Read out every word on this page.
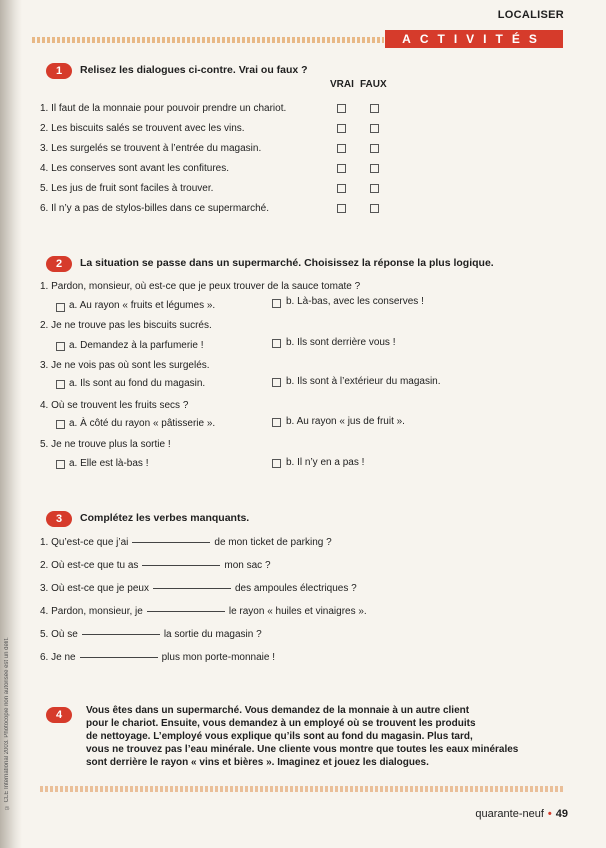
© CLE International 2003. Photocopie non autorisée est un délit.
LOCALISER
ACTIVITÉS
1	Relisez les dialogues ci-contre. Vrai ou faux ?
VRAI FAUX
1. Il faut de la monnaie pour pouvoir prendre un chariot.
2. Les biscuits salés se trouvent avec les vins.
3. Les surgelés se trouvent à l’entrée du magasin.
4. Les conserves sont avant les confitures.
5. Les jus de fruit sont faciles à trouver.
6. Il n’y a pas de stylos-billes dans ce supermarché.
2	La situation se passe dans un supermarché. Choisissez la réponse la plus logique.
1. Pardon, monsieur, où est-ce que je peux trouver de la sauce tomate ?
a. Au rayon « fruits et légumes ».	b. Là-bas, avec les conserves !
2. Je ne trouve pas les biscuits sucrés.
a. Demandez à la parfumerie !	b. Ils sont derrière vous !
3. Je ne vois pas où sont les surgelés.
a. Ils sont au fond du magasin.	b. Ils sont à l’extérieur du magasin.
4. Où se trouvent les fruits secs ?
a. À côté du rayon « pâtisserie ».	b. Au rayon « jus de fruit ».
5. Je ne trouve plus la sortie !
a. Elle est là-bas !	b. Il n’y en a pas !
3	Complétez les verbes manquants.
1. Qu’est-ce que j’ai	de mon ticket de parking ?
2. Où est-ce que tu as	mon sac ?
3. Où est-ce que je peux	des ampoules électriques ?
4. Pardon, monsieur, je	le rayon « huiles et vinaigres ».
5. Où se	la sortie du magasin ?
6. Je ne	plus mon porte-monnaie !
4	Vous êtes dans un supermarché. Vous demandez de la monnaie à un autre client
pour le chariot. Ensuite, vous demandez à un employé où se trouvent les produits
de nettoyage. L’employé vous explique qu’ils sont au fond du magasin. Plus tard,
vous ne trouvez pas l’eau minérale. Une cliente vous montre que toutes les eaux minérales
sont derrière le rayon « vins et bières ». Imaginez et jouez les dialogues.
quarante-neuf • 49
